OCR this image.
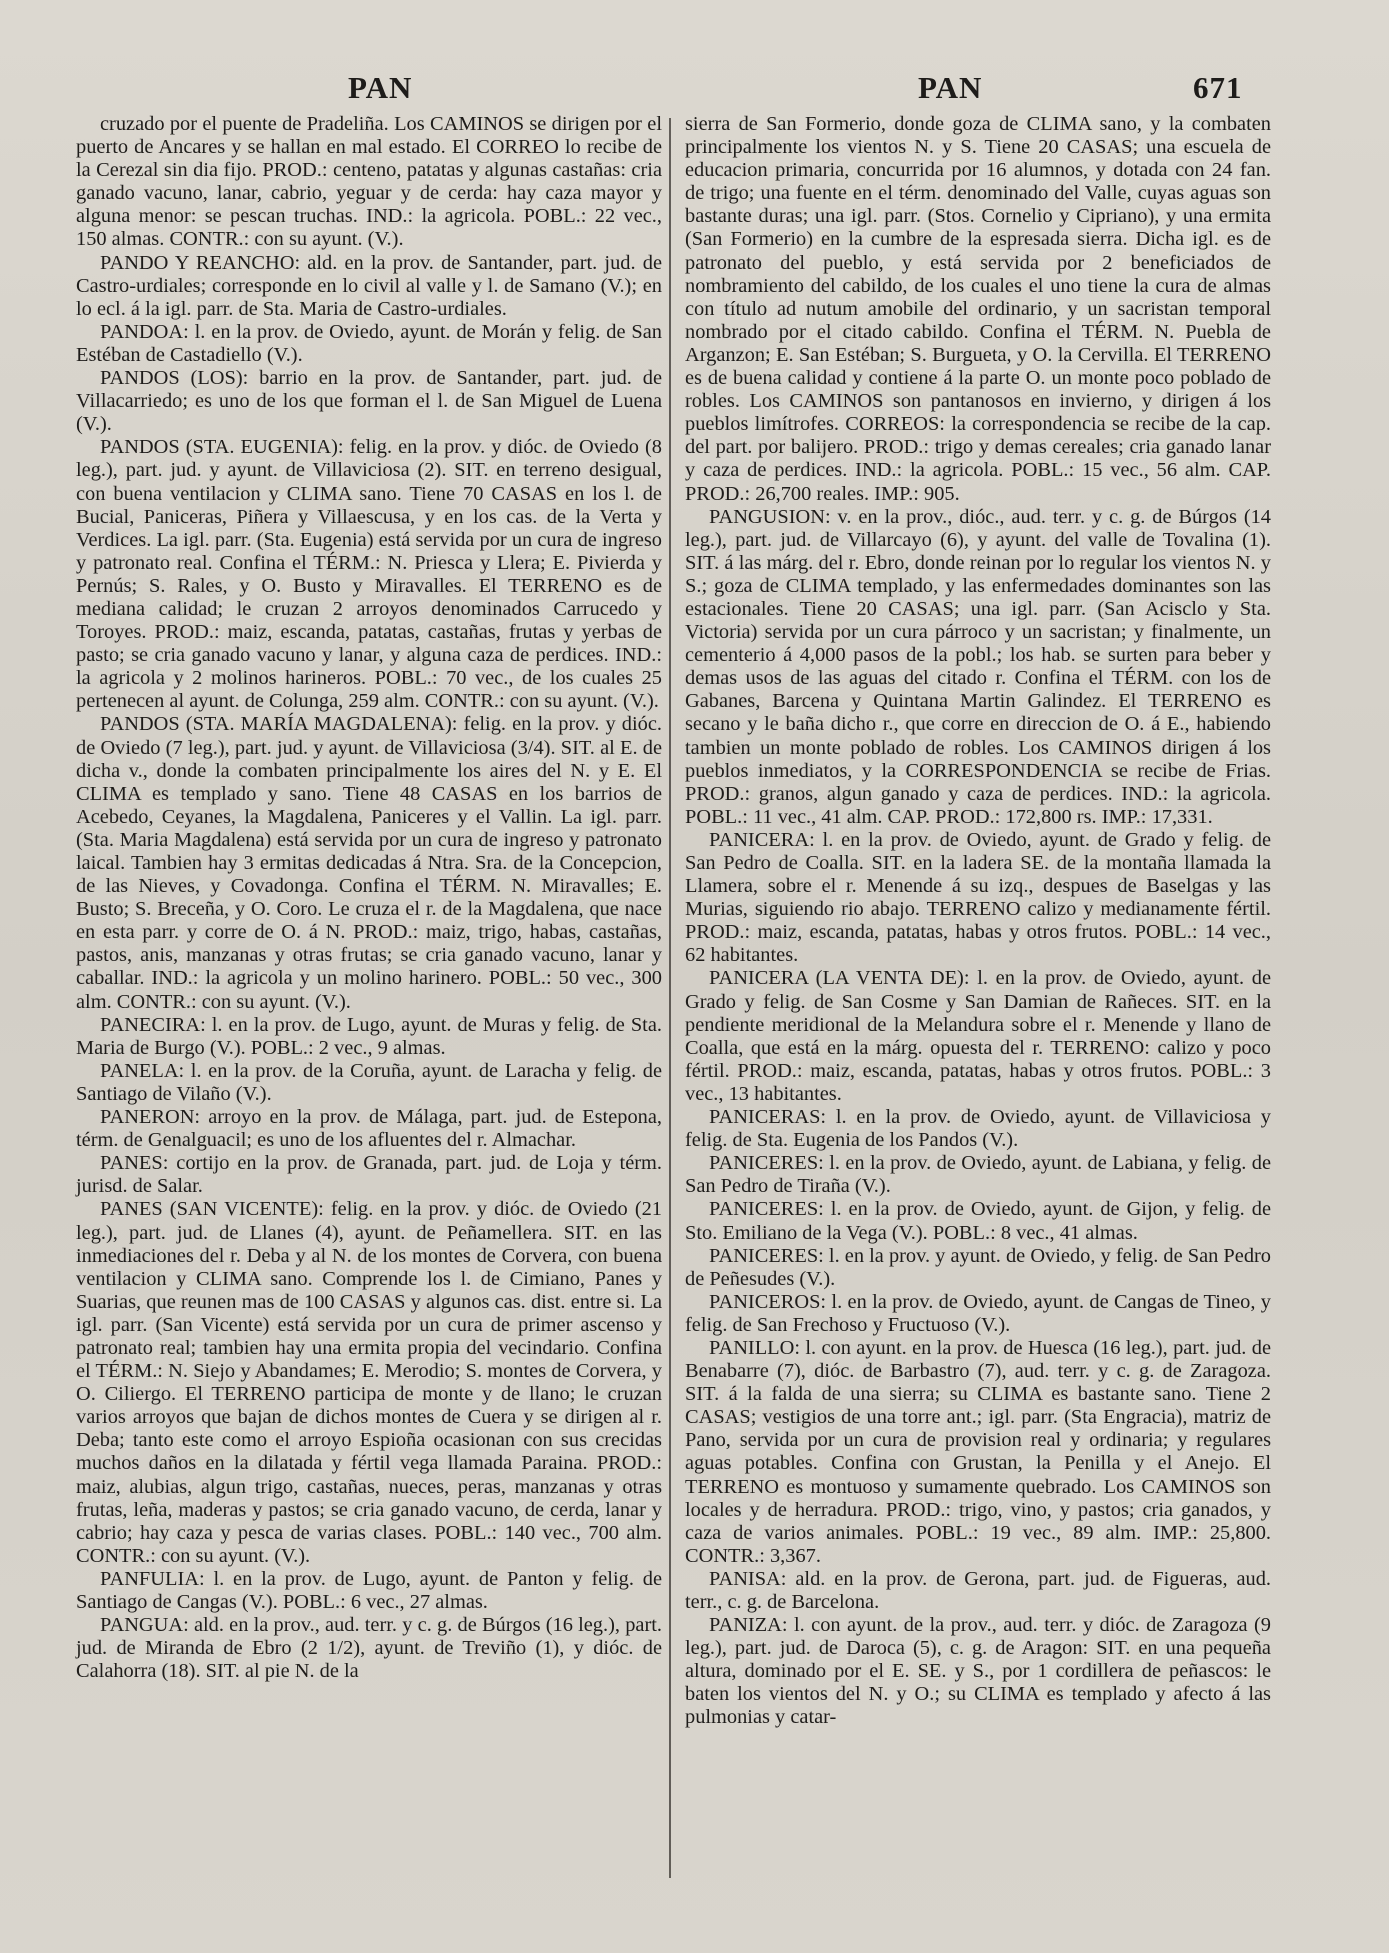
PAN	PAN	671

cruzado por el puente de Pradeliña. Los CAMINOS se dirigen por el puerto de Ancares y se hallan en mal estado. El CORREO lo recibe de la Cerezal sin dia fijo. PROD.: centeno, patatas y algunas castañas: cria ganado vacuno, lanar, cabrio, yeguar y de cerda: hay caza mayor y alguna menor: se pescan truchas. IND.: la agricola. POBL.: 22 vec., 150 almas. CONTR.: con su ayunt. (V.).

PANDO Y REANCHO: ald. en la prov. de Santander, part. jud. de Castro-urdiales; corresponde en lo civil al valle y l. de Samano (V.); en lo ecl. á la igl. parr. de Sta. Maria de Castro-urdiales.

PANDOA: l. en la prov. de Oviedo, ayunt. de Morán y felig. de San Estéban de Castadiello (V.).

PANDOS (LOS): barrio en la prov. de Santander, part. jud. de Villacarriedo; es uno de los que forman el l. de San Miguel de Luena (V.).

PANDOS (STA. EUGENIA): felig. en la prov. y dióc. de Oviedo (8 leg.), part. jud. y ayunt. de Villaviciosa (2). SIT. en terreno desigual, con buena ventilacion y CLIMA sano. Tiene 70 CASAS en los l. de Bucial, Paniceras, Piñera y Villaescusa, y en los cas. de la Verta y Verdices. La igl. parr. (Sta. Eugenia) está servida por un cura de ingreso y patronato real. Confina el TÉRM.: N. Priesca y Llera; E. Pivierda y Pernús; S. Rales, y O. Busto y Miravalles. El TERRENO es de mediana calidad; le cruzan 2 arroyos denominados Carrucedo y Toroyes. PROD.: maiz, escanda, patatas, castañas, frutas y yerbas de pasto; se cria ganado vacuno y lanar, y alguna caza de perdices. IND.: la agricola y 2 molinos harineros. POBL.: 70 vec., de los cuales 25 pertenecen al ayunt. de Colunga, 259 alm. CONTR.: con su ayunt. (V.).

PANDOS (STA. MARÍA MAGDALENA): felig. en la prov. y dióc. de Oviedo (7 leg.), part. jud. y ayunt. de Villaviciosa (3/4). SIT. al E. de dicha v., donde la combaten principalmente los aires del N. y E. El CLIMA es templado y sano. Tiene 48 CASAS en los barrios de Acebedo, Ceyanes, la Magdalena, Paniceres y el Vallin. La igl. parr. (Sta. Maria Magdalena) está servida por un cura de ingreso y patronato laical. Tambien hay 3 ermitas dedicadas á Ntra. Sra. de la Concepcion, de las Nieves, y Covadonga. Confina el TÉRM. N. Miravalles; E. Busto; S. Breceña, y O. Coro. Le cruza el r. de la Magdalena, que nace en esta parr. y corre de O. á N. PROD.: maiz, trigo, habas, castañas, pastos, anis, manzanas y otras frutas; se cria ganado vacuno, lanar y caballar. IND.: la agricola y un molino harinero. POBL.: 50 vec., 300 alm. CONTR.: con su ayunt. (V.).

PANECIRA: l. en la prov. de Lugo, ayunt. de Muras y felig. de Sta. Maria de Burgo (V.). POBL.: 2 vec., 9 almas.

PANELA: l. en la prov. de la Coruña, ayunt. de Laracha y felig. de Santiago de Vilaño (V.).

PANERON: arroyo en la prov. de Málaga, part. jud. de Estepona, térm. de Genalguacil; es uno de los afluentes del r. Almachar.

PANES: cortijo en la prov. de Granada, part. jud. de Loja y térm. jurisd. de Salar.

PANES (SAN VICENTE): felig. en la prov. y dióc. de Oviedo (21 leg.), part. jud. de Llanes (4), ayunt. de Peñamellera. SIT. en las inmediaciones del r. Deba y al N. de los montes de Corvera, con buena ventilacion y CLIMA sano. Comprende los l. de Cimiano, Panes y Suarias, que reunen mas de 100 CASAS y algunos cas. dist. entre si. La igl. parr. (San Vicente) está servida por un cura de primer ascenso y patronato real; tambien hay una ermita propia del vecindario. Confina el TÉRM.: N. Siejo y Abandames; E. Merodio; S. montes de Corvera, y O. Ciliergo. El TERRENO participa de monte y de llano; le cruzan varios arroyos que bajan de dichos montes de Cuera y se dirigen al r. Deba; tanto este como el arroyo Espioña ocasionan con sus crecidas muchos daños en la dilatada y fértil vega llamada Paraina. PROD.: maiz, alubias, algun trigo, castañas, nueces, peras, manzanas y otras frutas, leña, maderas y pastos; se cria ganado vacuno, de cerda, lanar y cabrio; hay caza y pesca de varias clases. POBL.: 140 vec., 700 alm. CONTR.: con su ayunt. (V.).

PANFULIA: l. en la prov. de Lugo, ayunt. de Panton y felig. de Santiago de Cangas (V.). POBL.: 6 vec., 27 almas.

PANGUA: ald. en la prov., aud. terr. y c. g. de Búrgos (16 leg.), part. jud. de Miranda de Ebro (2 1/2), ayunt. de Treviño (1), y dióc. de Calahorra (18). SIT. al pie N. de la

sierra de San Formerio, donde goza de CLIMA sano, y la combaten principalmente los vientos N. y S. Tiene 20 CASAS; una escuela de educacion primaria, concurrida por 16 alumnos, y dotada con 24 fan. de trigo; una fuente en el térm. denominado del Valle, cuyas aguas son bastante duras; una igl. parr. (Stos. Cornelio y Cipriano), y una ermita (San Formerio) en la cumbre de la espresada sierra. Dicha igl. es de patronato del pueblo, y está servida por 2 beneficiados de nombramiento del cabildo, de los cuales el uno tiene la cura de almas con título ad nutum amobile del ordinario, y un sacristan temporal nombrado por el citado cabildo. Confina el TÉRM. N. Puebla de Arganzon; E. San Estéban; S. Burgueta, y O. la Cervilla. El TERRENO es de buena calidad y contiene á la parte O. un monte poco poblado de robles. Los CAMINOS son pantanosos en invierno, y dirigen á los pueblos limítrofes. CORREOS: la correspondencia se recibe de la cap. del part. por balijero. PROD.: trigo y demas cereales; cria ganado lanar y caza de perdices. IND.: la agricola. POBL.: 15 vec., 56 alm. CAP. PROD.: 26,700 reales. IMP.: 905.

PANGUSION: v. en la prov., dióc., aud. terr. y c. g. de Búrgos (14 leg.), part. jud. de Villarcayo (6), y ayunt. del valle de Tovalina (1). SIT. á las márg. del r. Ebro, donde reinan por lo regular los vientos N. y S.; goza de CLIMA templado, y las enfermedades dominantes son las estacionales. Tiene 20 CASAS; una igl. parr. (San Acisclo y Sta. Victoria) servida por un cura párroco y un sacristan; y finalmente, un cementerio á 4,000 pasos de la pobl.; los hab. se surten para beber y demas usos de las aguas del citado r. Confina el TÉRM. con los de Gabanes, Barcena y Quintana Martin Galindez. El TERRENO es secano y le baña dicho r., que corre en direccion de O. á E., habiendo tambien un monte poblado de robles. Los CAMINOS dirigen á los pueblos inmediatos, y la CORRESPONDENCIA se recibe de Frias. PROD.: granos, algun ganado y caza de perdices. IND.: la agricola. POBL.: 11 vec., 41 alm. CAP. PROD.: 172,800 rs. IMP.: 17,331.

PANICERA: l. en la prov. de Oviedo, ayunt. de Grado y felig. de San Pedro de Coalla. SIT. en la ladera SE. de la montaña llamada la Llamera, sobre el r. Menende á su izq., despues de Baselgas y las Murias, siguiendo rio abajo. TERRENO calizo y medianamente fértil. PROD.: maiz, escanda, patatas, habas y otros frutos. POBL.: 14 vec., 62 habitantes.

PANICERA (LA VENTA DE): l. en la prov. de Oviedo, ayunt. de Grado y felig. de San Cosme y San Damian de Rañeces. SIT. en la pendiente meridional de la Melandura sobre el r. Menende y llano de Coalla, que está en la márg. opuesta del r. TERRENO: calizo y poco fértil. PROD.: maiz, escanda, patatas, habas y otros frutos. POBL.: 3 vec., 13 habitantes.

PANICERAS: l. en la prov. de Oviedo, ayunt. de Villaviciosa y felig. de Sta. Eugenia de los Pandos (V.).

PANICERES: l. en la prov. de Oviedo, ayunt. de Labiana, y felig. de San Pedro de Tiraña (V.).

PANICERES: l. en la prov. de Oviedo, ayunt. de Gijon, y felig. de Sto. Emiliano de la Vega (V.). POBL.: 8 vec., 41 almas.

PANICERES: l. en la prov. y ayunt. de Oviedo, y felig. de San Pedro de Peñesudes (V.).

PANICEROS: l. en la prov. de Oviedo, ayunt. de Cangas de Tineo, y felig. de San Frechoso y Fructuoso (V.).

PANILLO: l. con ayunt. en la prov. de Huesca (16 leg.), part. jud. de Benabarre (7), dióc. de Barbastro (7), aud. terr. y c. g. de Zaragoza. SIT. á la falda de una sierra; su CLIMA es bastante sano. Tiene 2 CASAS; vestigios de una torre ant.; igl. parr. (Sta Engracia), matriz de Pano, servida por un cura de provision real y ordinaria; y regulares aguas potables. Confina con Grustan, la Penilla y el Anejo. El TERRENO es montuoso y sumamente quebrado. Los CAMINOS son locales y de herradura. PROD.: trigo, vino, y pastos; cria ganados, y caza de varios animales. POBL.: 19 vec., 89 alm. IMP.: 25,800. CONTR.: 3,367.

PANISA: ald. en la prov. de Gerona, part. jud. de Figueras, aud. terr., c. g. de Barcelona.

PANIZA: l. con ayunt. de la prov., aud. terr. y dióc. de Zaragoza (9 leg.), part. jud. de Daroca (5), c. g. de Aragon: SIT. en una pequeña altura, dominado por el E. SE. y S., por 1 cordillera de peñascos: le baten los vientos del N. y O.; su CLIMA es templado y afecto á las pulmonias y catar-
